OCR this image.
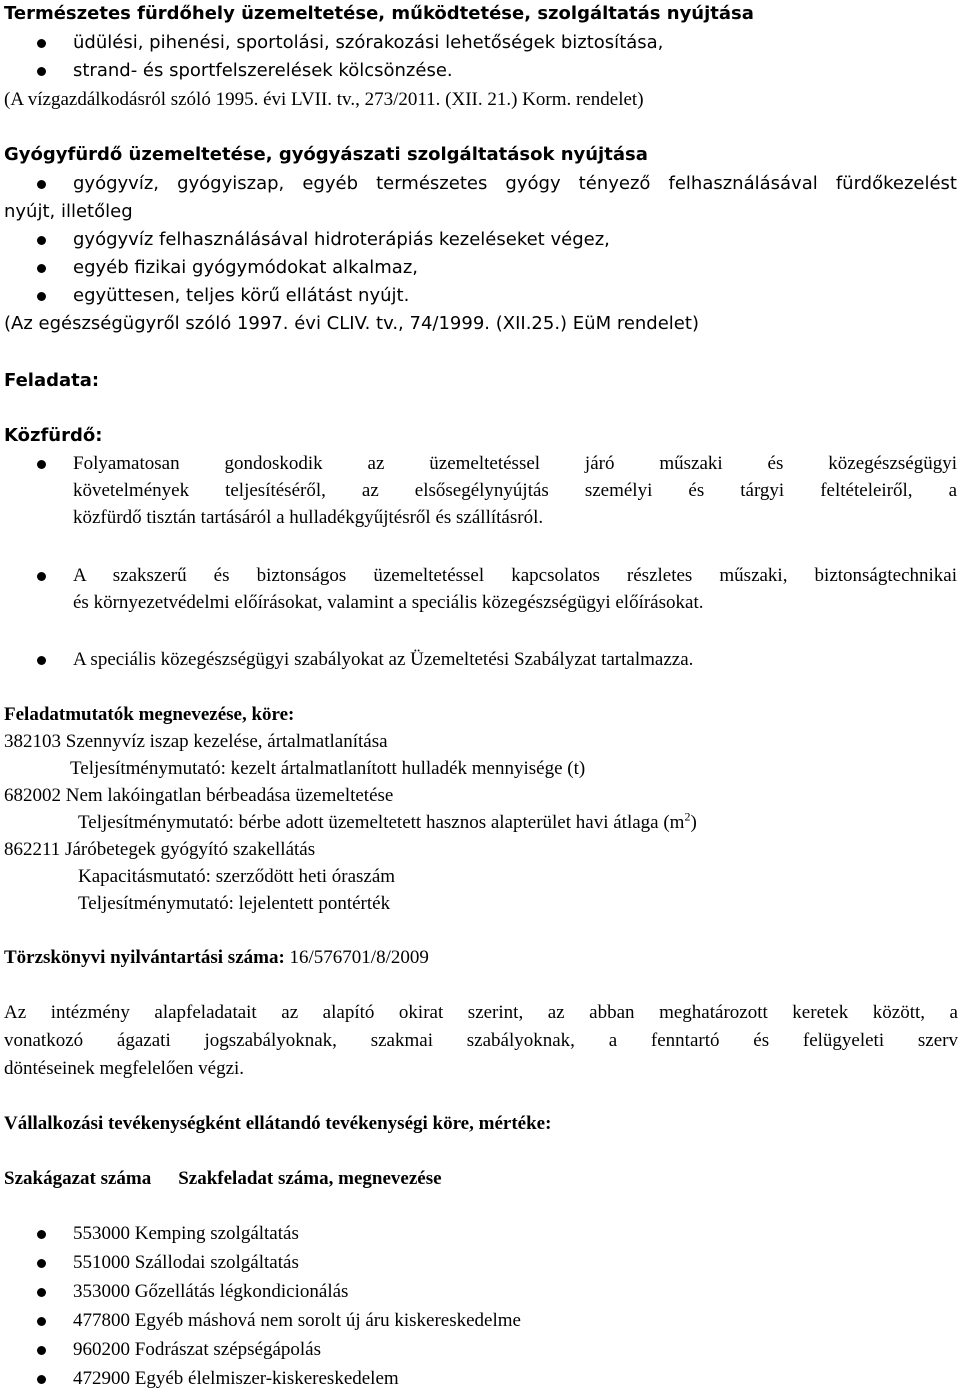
Természetes fürdőhely üzemeltetése, működtetése, szolgáltatás nyújtása
üdülési, pihenési, sportolási, szórakozási lehetőségek biztosítása,
strand- és sportfelszerelések kölcsönzése.
(A vízgazdálkodásról szóló 1995. évi LVII. tv., 273/2011. (XII. 21.) Korm. rendelet)
Gyógyfürdő üzemeltetése, gyógyászati szolgáltatások nyújtása
gyógyvíz, gyógyiszap, egyéb természetes gyógy tényező felhasználásával fürdőkezelést
nyújt, illetőleg
gyógyvíz felhasználásával hidroterápiás kezeléseket végez,
egyéb fizikai gyógymódokat alkalmaz,
együttesen, teljes körű ellátást nyújt.
(Az egészségügyről szóló 1997. évi CLIV. tv., 74/1999. (XII.25.) EüM rendelet)
Feladata:
Közfürdő:
Folyamatosan gondoskodik az üzemeltetéssel járó műszaki és közegészségügyi
követelmények teljesítéséről, az elsősegélynyújtás személyi és tárgyi feltételeiről, a
közfürdő tisztán tartásáról a hulladékgyűjtésről és szállításról.
A szakszerű és biztonságos üzemeltetéssel kapcsolatos részletes műszaki, biztonságtechnikai
és környezetvédelmi előírásokat, valamint a speciális közegészségügyi előírásokat.
A speciális közegészségügyi szabályokat az Üzemeltetési Szabályzat tartalmazza.
Feladatmutatók megnevezése, köre:
382103 Szennyvíz iszap kezelése, ártalmatlanítása
Teljesítménymutató: kezelt ártalmatlanított hulladék mennyisége (t)
682002 Nem lakóingatlan bérbeadása üzemeltetése
Teljesítménymutató: bérbe adott üzemeltetett hasznos alapterület havi átlaga $(m^2)$
862211 Járóbetegek gyógyító szakellátás
Kapacitásmutató: szerződött heti óraszám
Teljesítménymutató: lejelentett pontérték
Törzskönyvi nyilvántartási száma: 16/576701/8/2009
Az intézmény alapfeladatait az alapító okirat szerint, az abban meghatározott keretek között, a
vonatkozó ágazati jogszabályoknak, szakmai szabályoknak, a fenntartó és felügyeleti szerv
döntéseinek megfelelően végzi.
Vállalkozási tevékenységként ellátandó tevékenységi köre, mértéke:
Szakágazat száma Szakfeladat száma, megnevezése
553000 Kemping szolgáltatás
551000 Szállodai szolgáltatás
353000 Gőzellátás légkondicionálás
477800 Egyéb máshová nem sorolt új áru kiskereskedelme
960200 Fodrászat szépségápolás
472900 Egyéb élelmiszer-kiskereskedelem
